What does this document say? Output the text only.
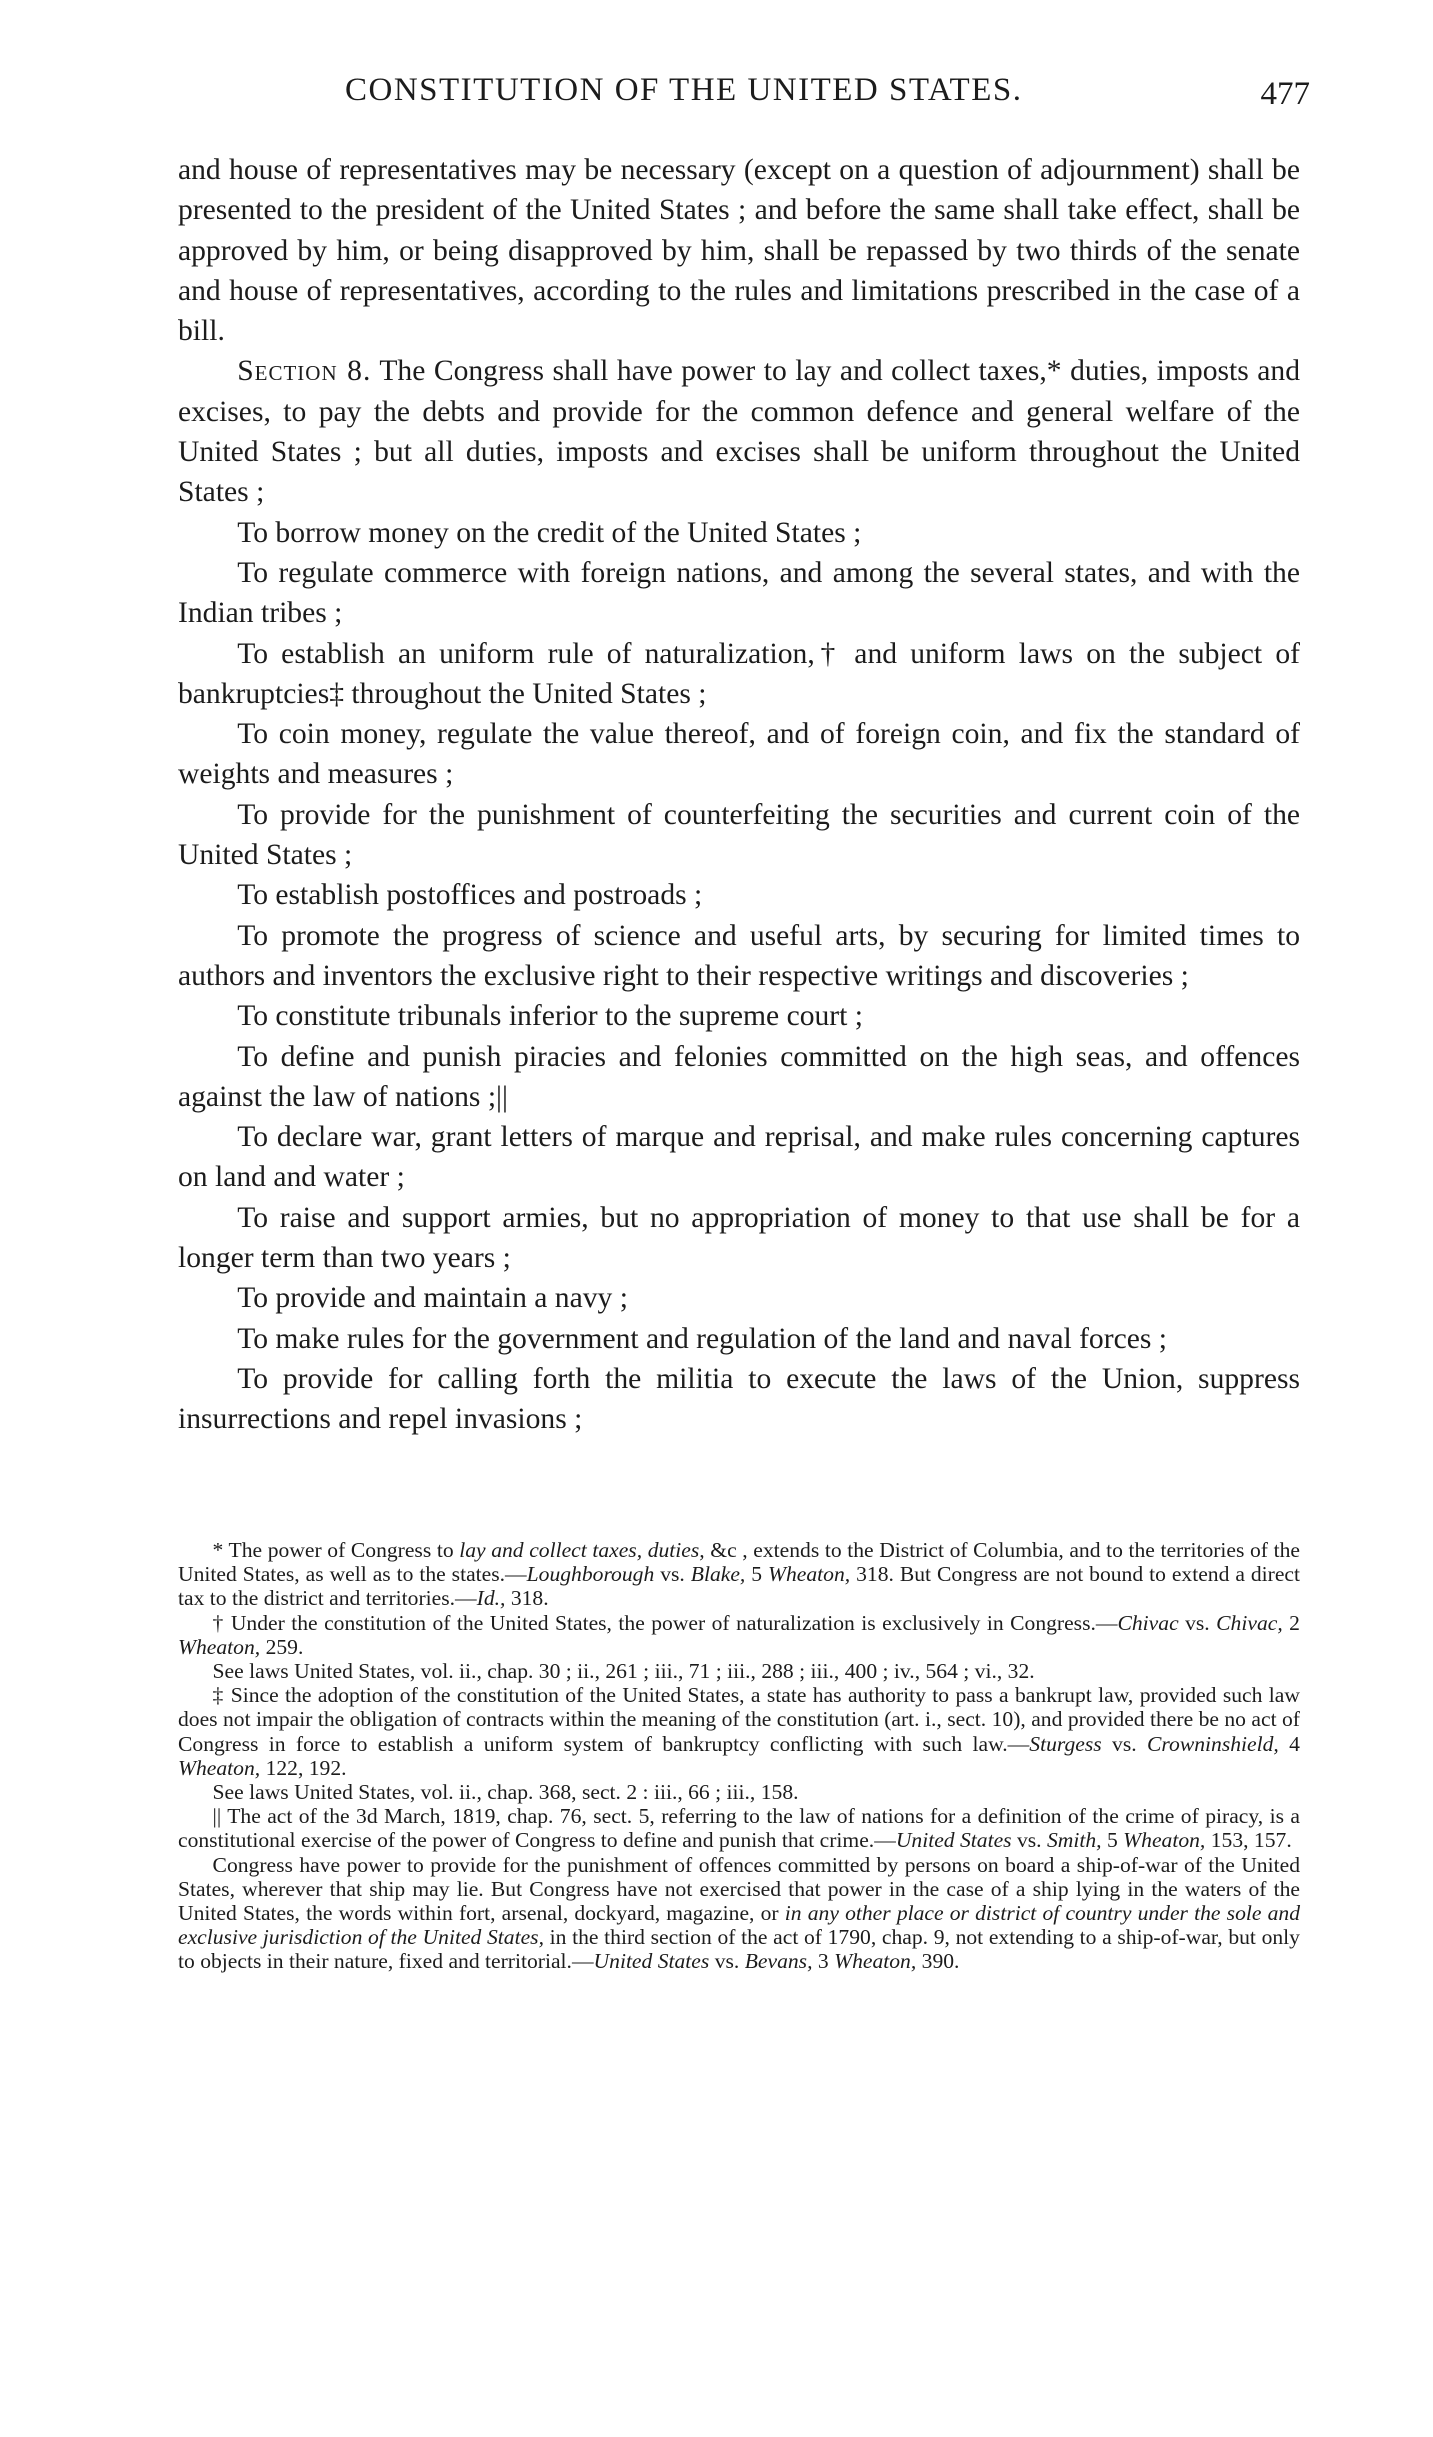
CONSTITUTION OF THE UNITED STATES.	477

and house of representatives may be necessary (except on a question of adjournment) shall be presented to the president of the United States ; and before the same shall take effect, shall be approved by him, or being disapproved by him, shall be repassed by two thirds of the senate and house of representatives, according to the rules and limitations prescribed in the case of a bill.

Section 8. The Congress shall have power to lay and collect taxes,* duties, imposts and excises, to pay the debts and provide for the common defence and general welfare of the United States ; but all duties, imposts and excises shall be uniform throughout the United States ;

To borrow money on the credit of the United States ;

To regulate commerce with foreign nations, and among the several states, and with the Indian tribes ;

To establish an uniform rule of naturalization,† and uniform laws on the subject of bankruptcies‡ throughout the United States ;

To coin money, regulate the value thereof, and of foreign coin, and fix the standard of weights and measures ;

To provide for the punishment of counterfeiting the securities and current coin of the United States ;

To establish postoffices and postroads ;

To promote the progress of science and useful arts, by securing for limited times to authors and inventors the exclusive right to their respective writings and discoveries ;

To constitute tribunals inferior to the supreme court ;

To define and punish piracies and felonies committed on the high seas, and offences against the law of nations ;||

To declare war, grant letters of marque and reprisal, and make rules concerning captures on land and water ;

To raise and support armies, but no appropriation of money to that use shall be for a longer term than two years ;

To provide and maintain a navy ;

To make rules for the government and regulation of the land and naval forces ;

To provide for calling forth the militia to execute the laws of the Union, suppress insurrections and repel invasions ;

* The power of Congress to lay and collect taxes, duties, &c , extends to the District of Columbia, and to the territories of the United States, as well as to the states.—Loughborough vs. Blake, 5 Wheaton, 318. But Congress are not bound to extend a direct tax to the district and territories.—Id., 318.

† Under the constitution of the United States, the power of naturalization is exclusively in Congress.—Chivac vs. Chivac, 2 Wheaton, 259.

See laws United States, vol. ii., chap. 30 ; ii., 261 ; iii., 71 ; iii., 288 ; iii., 400 ; iv., 564 ; vi., 32.

‡ Since the adoption of the constitution of the United States, a state has authority to pass a bankrupt law, provided such law does not impair the obligation of contracts within the meaning of the constitution (art. i., sect. 10), and provided there be no act of Congress in force to establish a uniform system of bankruptcy conflicting with such law.—Sturgess vs. Crowninshield, 4 Wheaton, 122, 192.

See laws United States, vol. ii., chap. 368, sect. 2 : iii., 66 ; iii., 158.

|| The act of the 3d March, 1819, chap. 76, sect. 5, referring to the law of nations for a definition of the crime of piracy, is a constitutional exercise of the power of Congress to define and punish that crime.—United States vs. Smith, 5 Wheaton, 153, 157.

Congress have power to provide for the punishment of offences committed by persons on board a ship-of-war of the United States, wherever that ship may lie. But Congress have not exercised that power in the case of a ship lying in the waters of the United States, the words within fort, arsenal, dockyard, magazine, or in any other place or district of country under the sole and exclusive jurisdiction of the United States, in the third section of the act of 1790, chap. 9, not extending to a ship-of-war, but only to objects in their nature, fixed and territorial.—United States vs. Bevans, 3 Wheaton, 390.
